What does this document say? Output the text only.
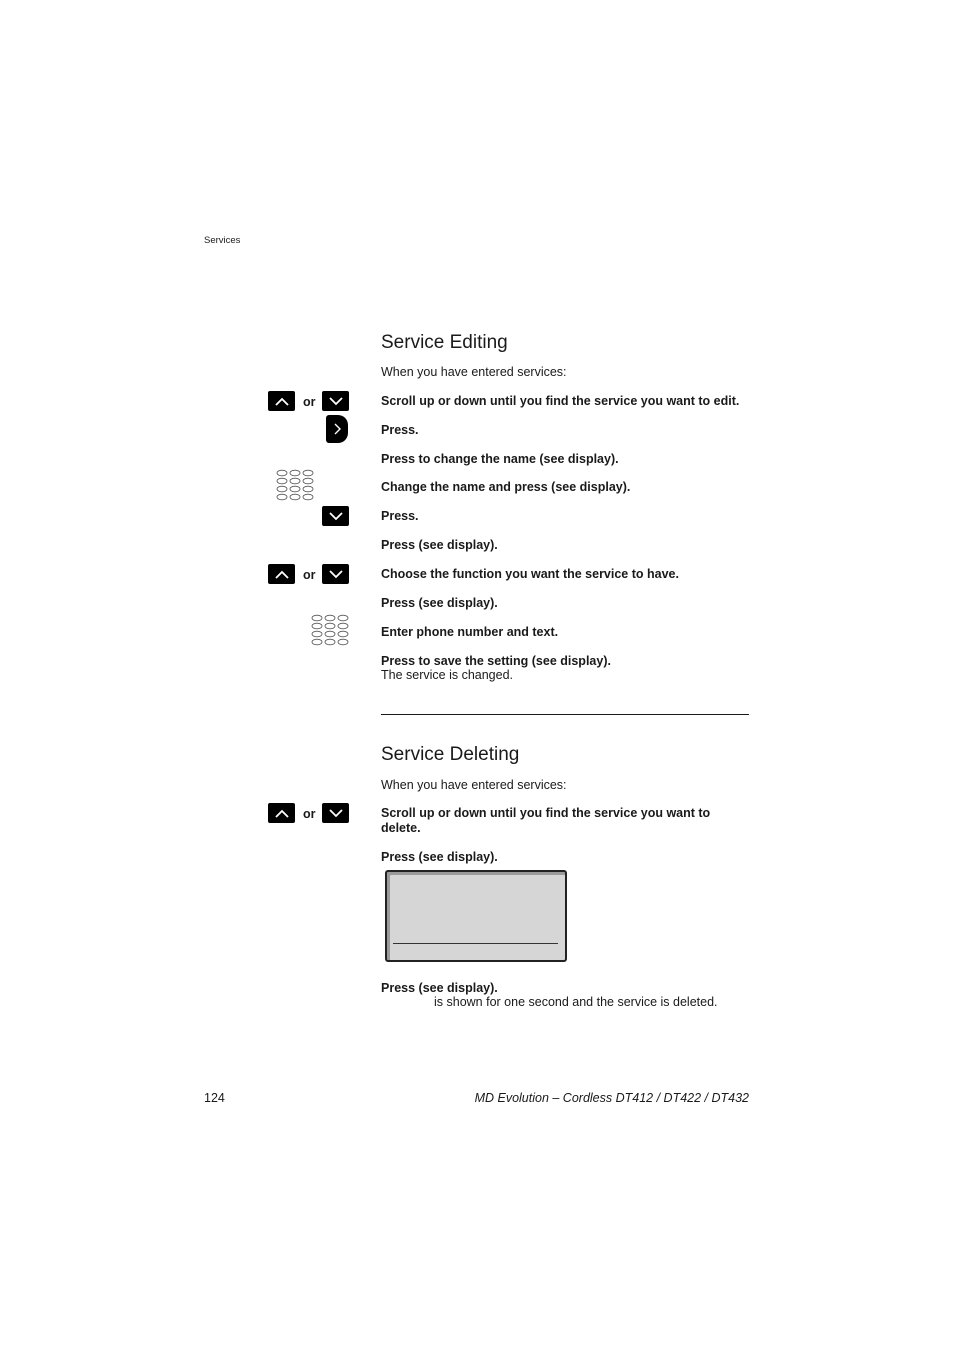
Services
Service Editing
When you have entered services:
or	Scroll up or down until you find the service you want to edit.
Press.
Press to change the name (see display).
Change the name and press (see display).
Press.
Press (see display).
or	Choose the function you want the service to have.
Press (see display).
Enter phone number and text.
Press to save the setting (see display).
The service is changed.
Service Deleting
When you have entered services:
or	Scroll up or down until you find the service you want to delete.
Press (see display).
Press (see display).
is shown for one second and the service is deleted.
124	MD Evolution – Cordless DT412 / DT422 / DT432
